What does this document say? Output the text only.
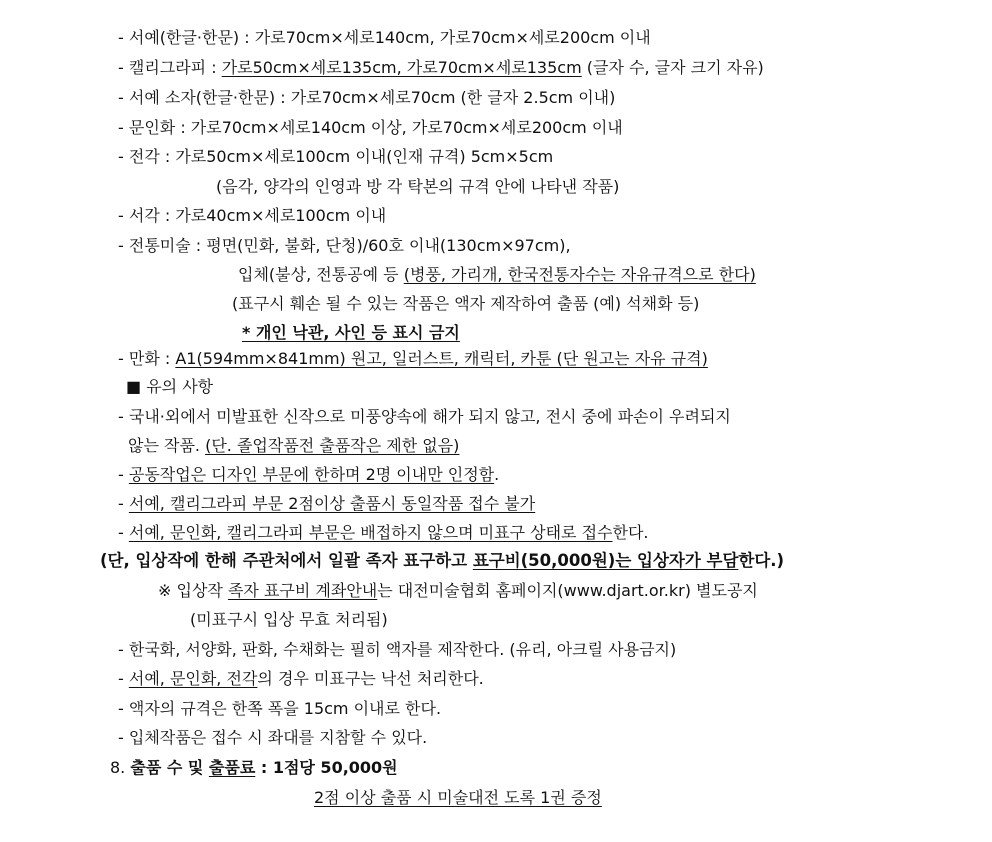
- 서예(한글·한문) : 가로70cm×세로140cm, 가로70cm×세로200cm 이내
- 캘리그라피 : 가로50cm×세로135cm, 가로70cm×세로135cm (글자 수, 글자 크기 자유)
- 서예 소자(한글·한문) : 가로70cm×세로70cm (한 글자 2.5cm 이내)
- 문인화 : 가로70cm×세로140cm 이상, 가로70cm×세로200cm 이내
- 전각 : 가로50cm×세로100cm 이내(인재 규격) 5cm×5cm
(음각, 양각의 인영과 방 각 탁본의 규격 안에 나타낸 작품)
- 서각 : 가로40cm×세로100cm 이내
- 전통미술 : 평면(민화, 불화, 단청)/60호 이내(130cm×97cm),
입체(불상, 전통공예 등 (병풍, 가리개, 한국전통자수는 자유규격으로 한다)
(표구시 훼손 될 수 있는 작품은 액자 제작하여 출품 (예) 석채화 등)
* 개인 낙관, 사인 등 표시 금지
- 만화 : A1(594mm×841mm) 원고, 일러스트, 캐릭터, 카툰 (단 원고는 자유 규격)
■ 유의 사항
- 국내·외에서 미발표한 신작으로 미풍양속에 해가 되지 않고, 전시 중에 파손이 우려되지
않는 작품. (단. 졸업작품전 출품작은 제한 없음)
- 공동작업은 디자인 부문에 한하며 2명 이내만 인정함.
- 서예, 캘리그라피 부문 2점이상 출품시 동일작품 접수 불가
- 서예, 문인화, 캘리그라피 부문은 배접하지 않으며 미표구 상태로 접수한다.
(단, 입상작에 한해 주관처에서 일괄 족자 표구하고 표구비(50,000원)는 입상자가 부담한다.)
※ 입상작 족자 표구비 계좌안내는 대전미술협회 홈페이지(www.djart.or.kr) 별도공지
(미표구시 입상 무효 처리됨)
- 한국화, 서양화, 판화, 수채화는 필히 액자를 제작한다. (유리, 아크릴 사용금지)
- 서예, 문인화, 전각의 경우 미표구는 낙선 처리한다.
- 액자의 규격은 한쪽 폭을 15cm 이내로 한다.
- 입체작품은 접수 시 좌대를 지참할 수 있다.
8. 출품 수 및 출품료 : 1점당 50,000원
2점 이상 출품 시 미술대전 도록 1권 증정
